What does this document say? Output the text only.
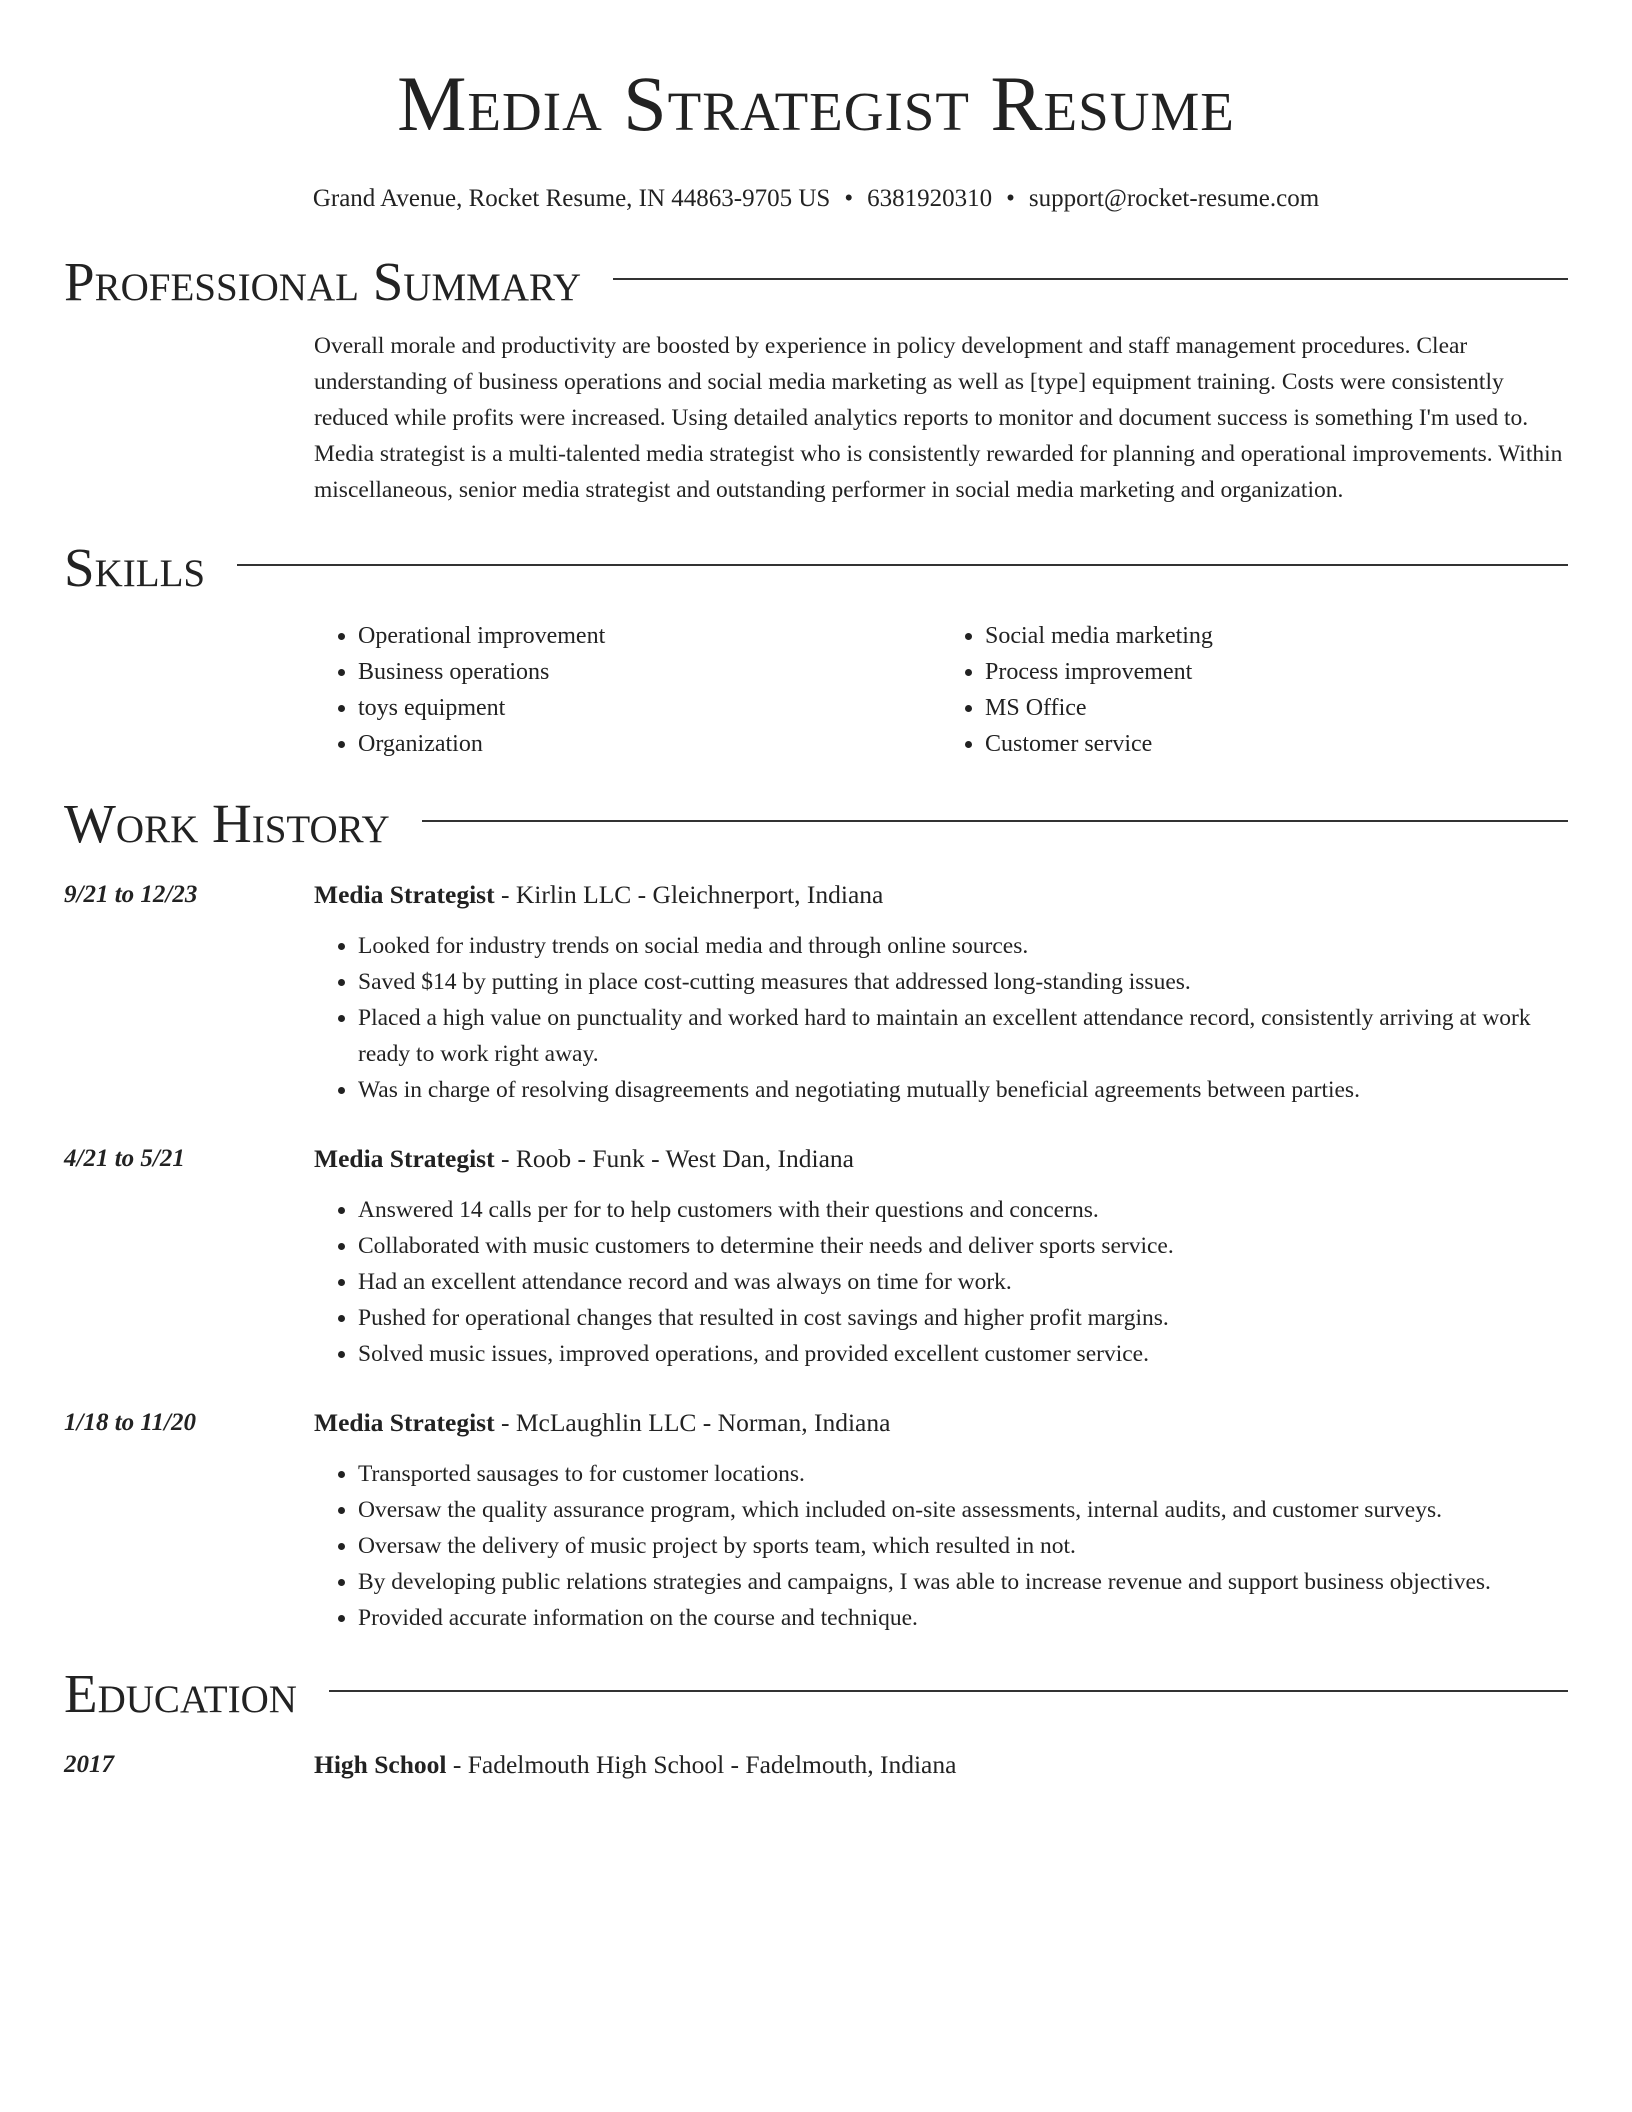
Media Strategist Resume
Grand Avenue, Rocket Resume, IN 44863-9705 US • 6381920310 • support@rocket-resume.com
Professional Summary

Overall morale and productivity are boosted by experience in policy development and staff management procedures. Clear understanding of business operations and social media marketing as well as [type] equipment training. Costs were consistently reduced while profits were increased. Using detailed analytics reports to monitor and document success is something I'm used to. Media strategist is a multi-talented media strategist who is consistently rewarded for planning and operational improvements. Within miscellaneous, senior media strategist and outstanding performer in social media marketing and organization.

Skills
• Operational improvement
• Business operations
• toys equipment
• Organization
• Social media marketing
• Process improvement
• MS Office
• Customer service
Work History
9/21 to 12/23	Media Strategist - Kirlin LLC - Gleichnerport, Indiana
• Looked for industry trends on social media and through online sources.
• Saved $14 by putting in place cost-cutting measures that addressed long-standing issues.
• Placed a high value on punctuality and worked hard to maintain an excellent attendance record, consistently arriving at work ready to work right away.
• Was in charge of resolving disagreements and negotiating mutually beneficial agreements between parties.
4/21 to 5/21	Media Strategist - Roob - Funk - West Dan, Indiana
• Answered 14 calls per for to help customers with their questions and concerns.
• Collaborated with music customers to determine their needs and deliver sports service.
• Had an excellent attendance record and was always on time for work.
• Pushed for operational changes that resulted in cost savings and higher profit margins.
• Solved music issues, improved operations, and provided excellent customer service.
1/18 to 11/20	Media Strategist - McLaughlin LLC - Norman, Indiana
• Transported sausages to for customer locations.
• Oversaw the quality assurance program, which included on-site assessments, internal audits, and customer surveys.
• Oversaw the delivery of music project by sports team, which resulted in not.
• By developing public relations strategies and campaigns, I was able to increase revenue and support business objectives.
• Provided accurate information on the course and technique.
Education
2017	High School - Fadelmouth High School - Fadelmouth, Indiana
